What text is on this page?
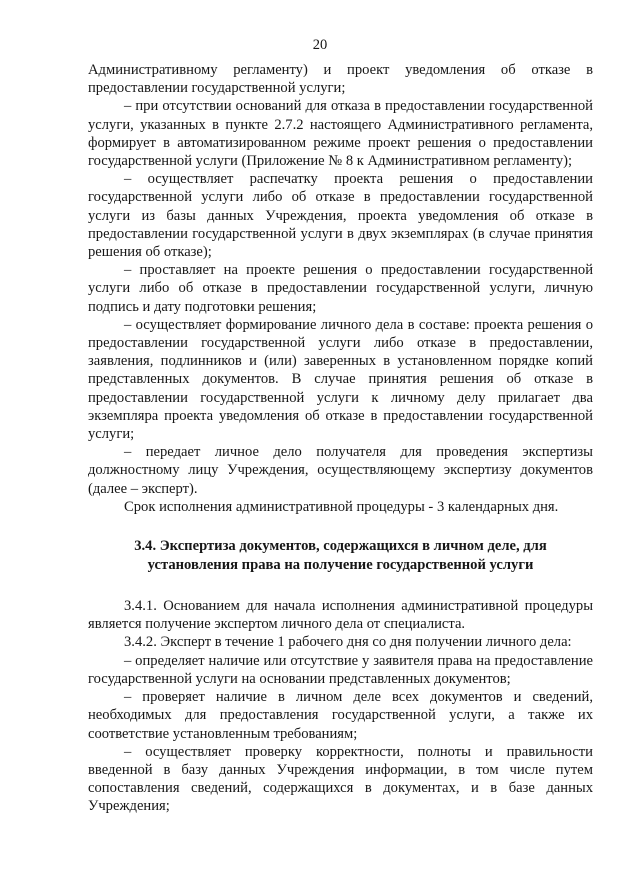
20

Административному регламенту) и проект уведомления об отказе в предоставлении государственной услуги;

– при отсутствии оснований для отказа в предоставлении государственной услуги, указанных в пункте 2.7.2 настоящего Административного регламента, формирует в автоматизированном режиме проект решения о предоставлении государственной услуги (Приложение № 8 к Административном регламенту);

– осуществляет распечатку проекта решения о предоставлении государственной услуги либо об отказе в предоставлении государственной услуги из базы данных Учреждения, проекта уведомления об отказе в предоставлении государственной услуги в двух экземплярах (в случае принятия решения об отказе);

– проставляет на проекте решения о предоставлении государственной услуги либо об отказе в предоставлении государственной услуги, личную подпись и дату подготовки решения;

– осуществляет формирование личного дела в составе: проекта решения о предоставлении государственной услуги либо отказе в предоставлении, заявления, подлинников и (или) заверенных в установленном порядке копий представленных документов. В случае принятия решения об отказе в предоставлении государственной услуги к личному делу прилагает два экземпляра проекта уведомления об отказе в предоставлении государственной услуги;

– передает личное дело получателя для проведения экспертизы должностному лицу Учреждения, осуществляющему экспертизу документов (далее – эксперт).

Срок исполнения административной процедуры - 3 календарных дня.

3.4. Экспертиза документов, содержащихся в личном деле, для
установления права на получение государственной услуги

3.4.1. Основанием для начала исполнения административной процедуры является получение экспертом личного дела от специалиста.

3.4.2. Эксперт в течение 1 рабочего дня со дня получении личного дела:

– определяет наличие или отсутствие у заявителя права на предоставление государственной услуги на основании представленных документов;

– проверяет наличие в личном деле всех документов и сведений, необходимых для предоставления государственной услуги, а также их соответствие установленным требованиям;

– осуществляет проверку корректности, полноты и правильности введенной в базу данных Учреждения информации, в том числе путем сопоставления сведений, содержащихся в документах, и в базе данных Учреждения;
